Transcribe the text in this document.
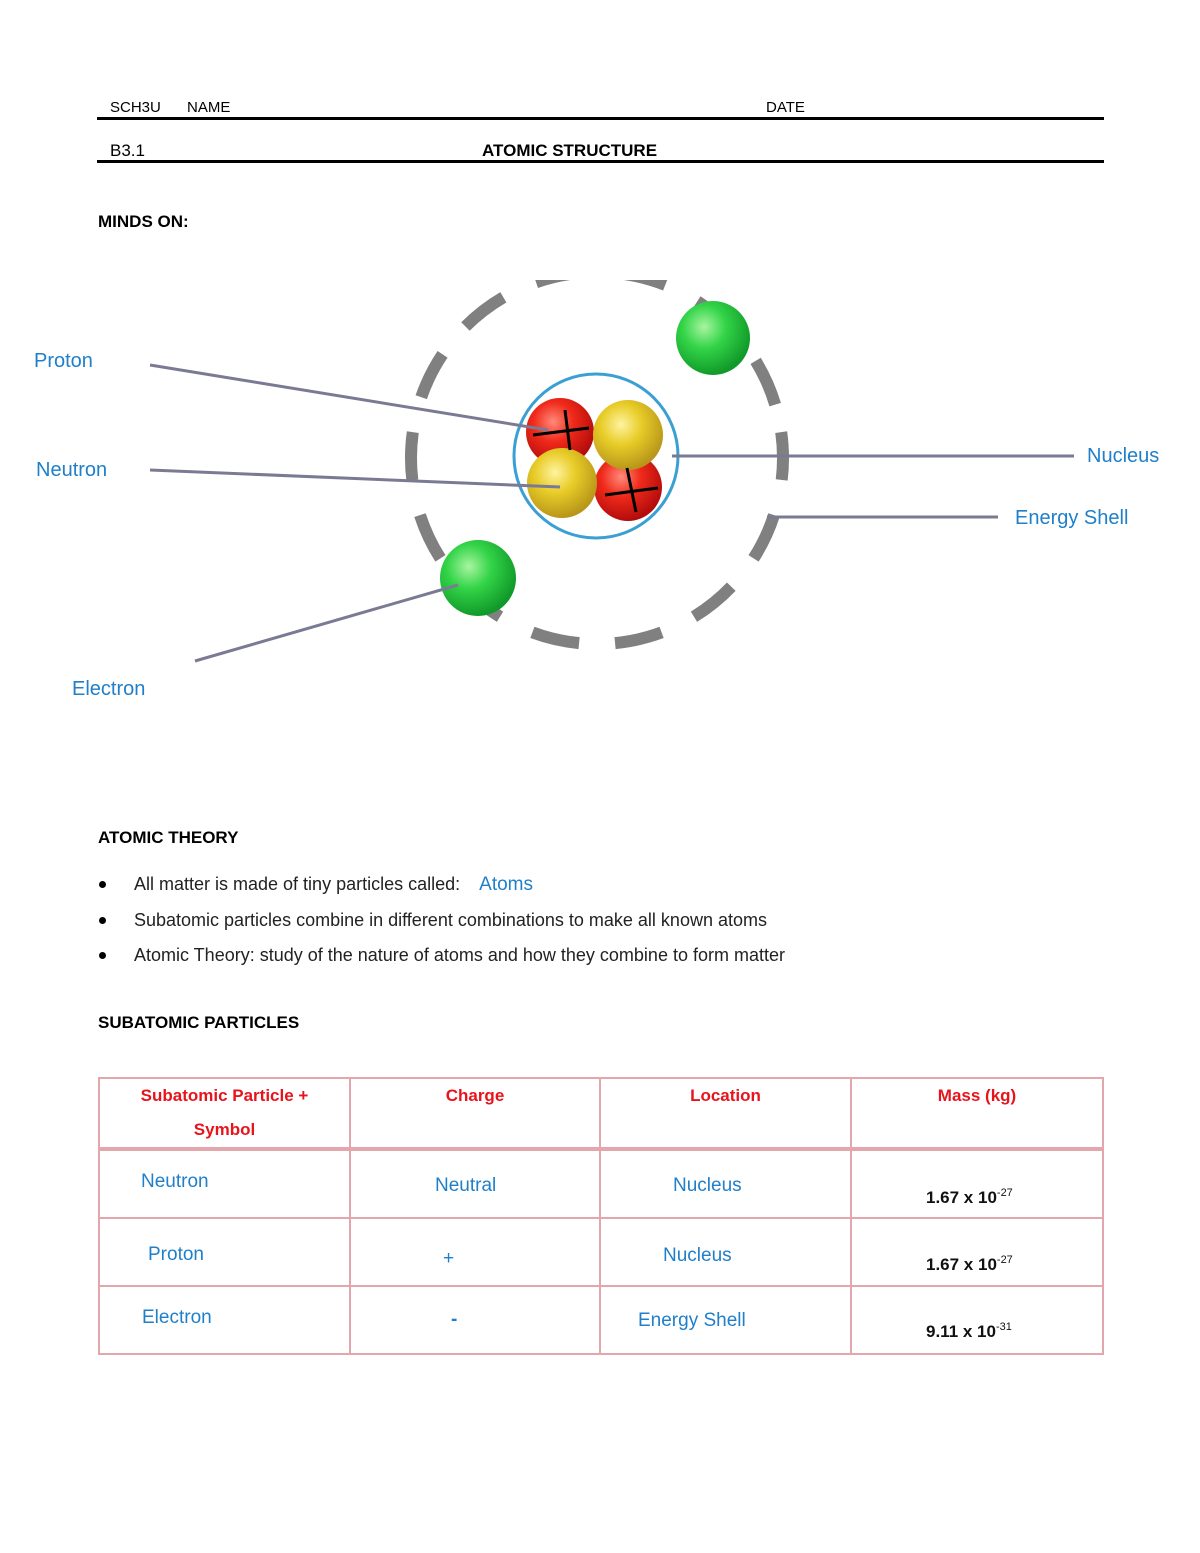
SCH3U NAME	DATE
B3.1	ATOMIC STRUCTURE
MINDS ON:
Proton
Neutron
Electron
Nucleus
Energy Shell
ATOMIC THEORY
All matter is made of tiny particles called: Atoms
Subatomic particles combine in different combinations to make all known atoms
Atomic Theory: study of the nature of atoms and how they combine to form matter
SUBATOMIC PARTICLES
Subatomic Particle +
Symbol	Charge	Location	Mass (kg)

Neutron	Neutral	Nucleus	1.67 x $10^{-27}$

Proton	+	Nucleus	1.67 x $10^{-27}$

Electron	-	Energy Shell	9.11 x $10^{-31}$
